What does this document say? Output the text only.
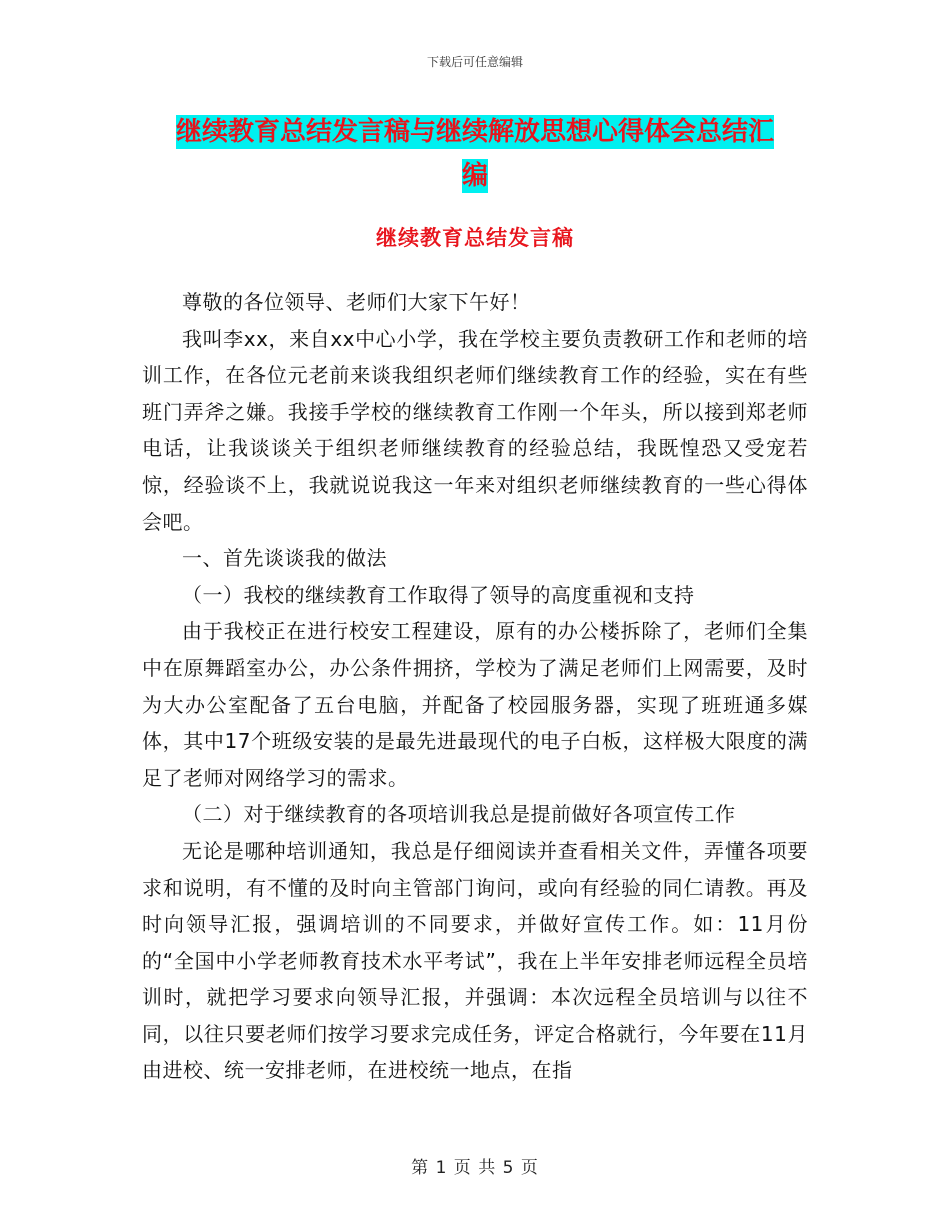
下载后可任意编辑
继续教育总结发言稿与继续解放思想心得体会总结汇
编
继续教育总结发言稿

尊敬的各位领导、老师们大家下午好！

我叫李xx，来自xx中心小学，我在学校主要负责教研工作和老师的培训工作，在各位元老前来谈我组织老师们继续教育工作的经验，实在有些班门弄斧之嫌。我接手学校的继续教育工作刚一个年头，所以接到郑老师电话，让我谈谈关于组织老师继续教育的经验总结，我既惶恐又受宠若惊，经验谈不上，我就说说我这一年来对组织老师继续教育的一些心得体会吧。

一、首先谈谈我的做法

（一）我校的继续教育工作取得了领导的高度重视和支持

由于我校正在进行校安工程建设，原有的办公楼拆除了，老师们全集中在原舞蹈室办公，办公条件拥挤，学校为了满足老师们上网需要，及时为大办公室配备了五台电脑，并配备了校园服务器，实现了班班通多媒体，其中17个班级安装的是最先进最现代的电子白板，这样极大限度的满足了老师对网络学习的需求。

（二）对于继续教育的各项培训我总是提前做好各项宣传工作

无论是哪种培训通知，我总是仔细阅读并查看相关文件，弄懂各项要求和说明，有不懂的及时向主管部门询问，或向有经验的同仁请教。再及时向领导汇报，强调培训的不同要求，并做好宣传工作。如：11月份的“全国中小学老师教育技术水平考试”，我在上半年安排老师远程全员培训时，就把学习要求向领导汇报，并强调：本次远程全员培训与以往不同，以往只要老师们按学习要求完成任务，评定合格就行，今年要在11月由进校、统一安排老师，在进校统一地点，在指

第 1 页 共 5 页
